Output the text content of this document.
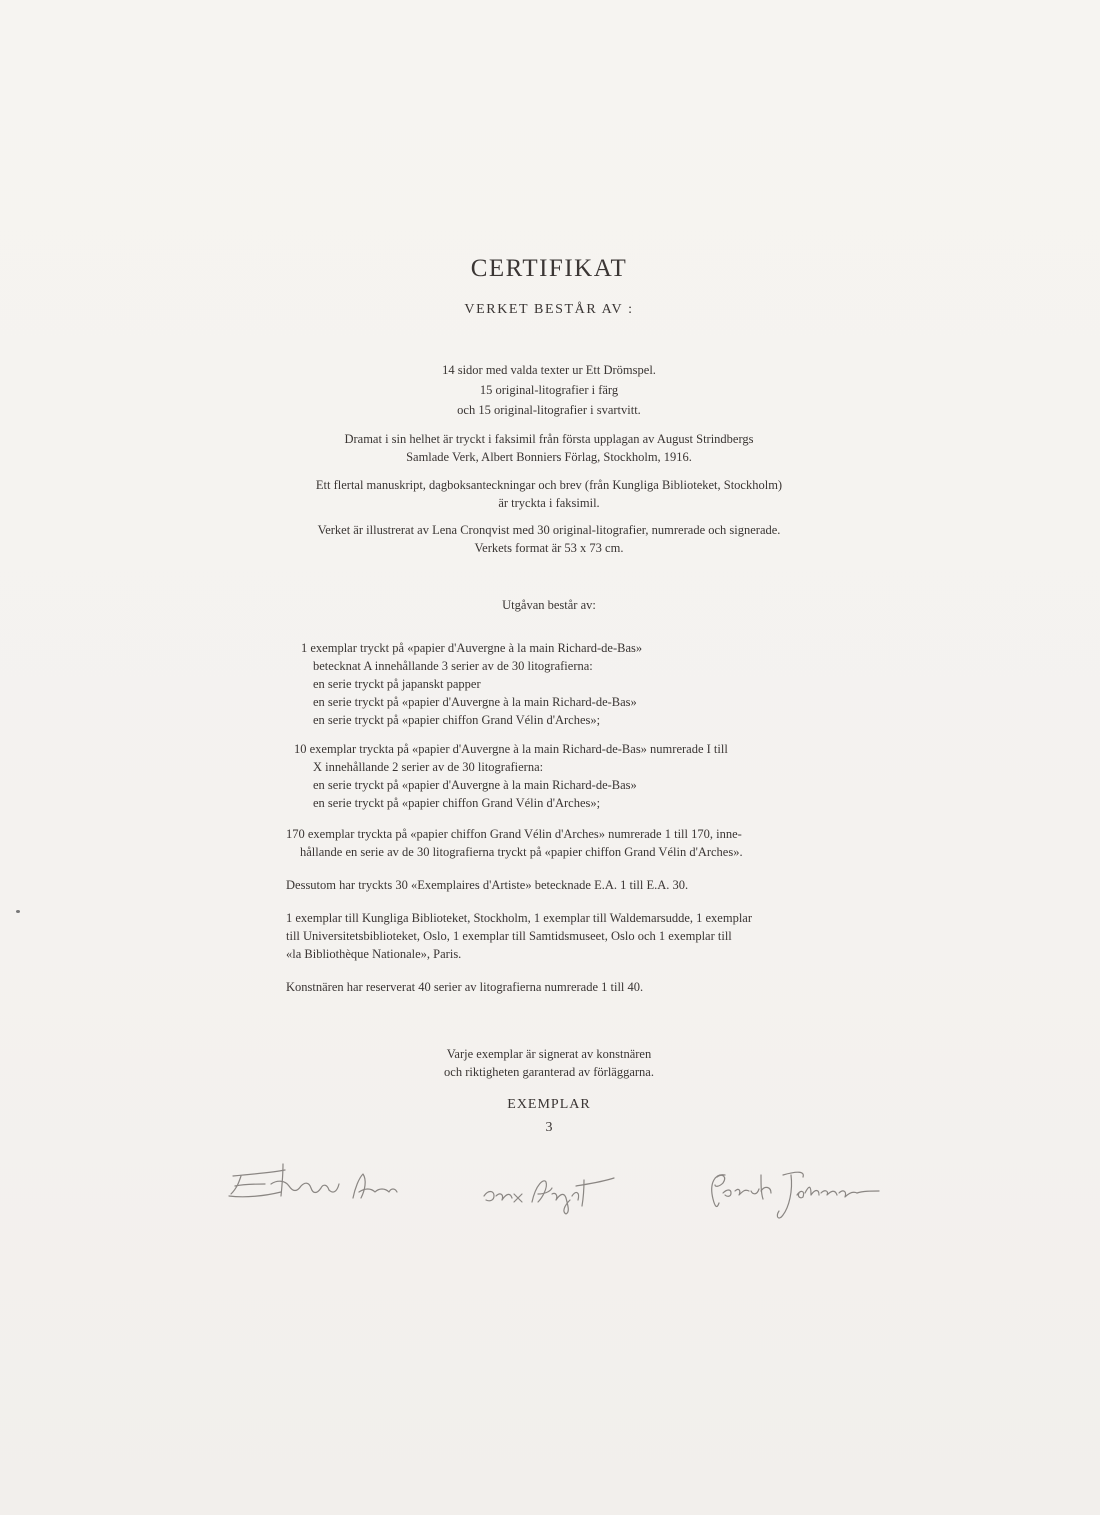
CERTIFIKAT
VERKET BESTÅR AV :
14 sidor med valda texter ur Ett Drömspel.
15 original-litografier i färg
och 15 original-litografier i svartvitt.
Dramat i sin helhet är tryckt i faksimil från första upplagan av August Strindbergs
Samlade Verk, Albert Bonniers Förlag, Stockholm, 1916.
Ett flertal manuskript, dagboksanteckningar och brev (från Kungliga Biblioteket, Stockholm)
är tryckta i faksimil.
Verket är illustrerat av Lena Cronqvist med 30 original-litografier, numrerade och signerade.
Verkets format är 53 x 73 cm.
Utgåvan består av:
1 exemplar tryckt på «papier d'Auvergne à la main Richard-de-Bas»
betecknat A innehållande 3 serier av de 30 litografierna:
en serie tryckt på japanskt papper
en serie tryckt på «papier d'Auvergne à la main Richard-de-Bas»
en serie tryckt på «papier chiffon Grand Vélin d'Arches»;
10 exemplar tryckta på «papier d'Auvergne à la main Richard-de-Bas» numrerade I till
X innehållande 2 serier av de 30 litografierna:
en serie tryckt på «papier d'Auvergne à la main Richard-de-Bas»
en serie tryckt på «papier chiffon Grand Vélin d'Arches»;
170 exemplar tryckta på «papier chiffon Grand Vélin d'Arches» numrerade 1 till 170, inne-
hållande en serie av de 30 litografierna tryckt på «papier chiffon Grand Vélin d'Arches».
Dessutom har tryckts 30 «Exemplaires d'Artiste» betecknade E.A. 1 till E.A. 30.
1 exemplar till Kungliga Biblioteket, Stockholm, 1 exemplar till Waldemarsudde, 1 exemplar
till Universitetsbiblioteket, Oslo, 1 exemplar till Samtidsmuseet, Oslo och 1 exemplar till
«la Bibliothèque Nationale», Paris.
Konstnären har reserverat 40 serier av litografierna numrerade 1 till 40.
Varje exemplar är signerat av konstnären
och riktigheten garanterad av förläggarna.
EXEMPLAR
3
